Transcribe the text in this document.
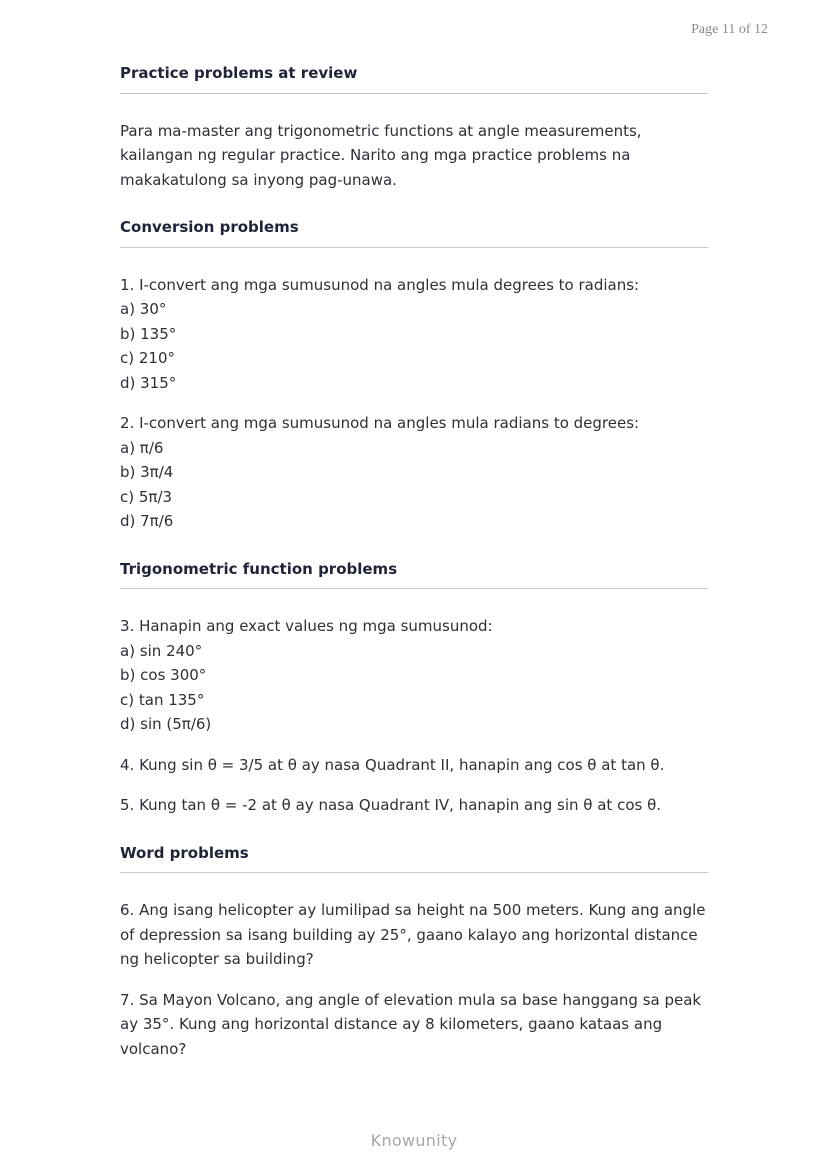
Page 11 of 12
Practice problems at review

Para ma-master ang trigonometric functions at angle measurements, kailangan ng regular practice. Narito ang mga practice problems na makakatulong sa inyong pag-unawa.

Conversion problems
1. I-convert ang mga sumusunod na angles mula degrees to radians:
a) 30°
b) 135°
c) 210°
d) 315°
2. I-convert ang mga sumusunod na angles mula radians to degrees:
a) π/6
b) 3π/4
c) 5π/3
d) 7π/6
Trigonometric function problems
3. Hanapin ang exact values ng mga sumusunod:
a) sin 240°
b) cos 300°
c) tan 135°
d) sin (5π/6)

4. Kung sin θ = 3/5 at θ ay nasa Quadrant II, hanapin ang cos θ at tan θ.

5. Kung tan θ = -2 at θ ay nasa Quadrant IV, hanapin ang sin θ at cos θ.

Word problems

6. Ang isang helicopter ay lumilipad sa height na 500 meters. Kung ang angle of depression sa isang building ay 25°, gaano kalayo ang horizontal distance ng helicopter sa building?

7. Sa Mayon Volcano, ang angle of elevation mula sa base hanggang sa peak ay 35°. Kung ang horizontal distance ay 8 kilometers, gaano kataas ang volcano?

Knowunity
